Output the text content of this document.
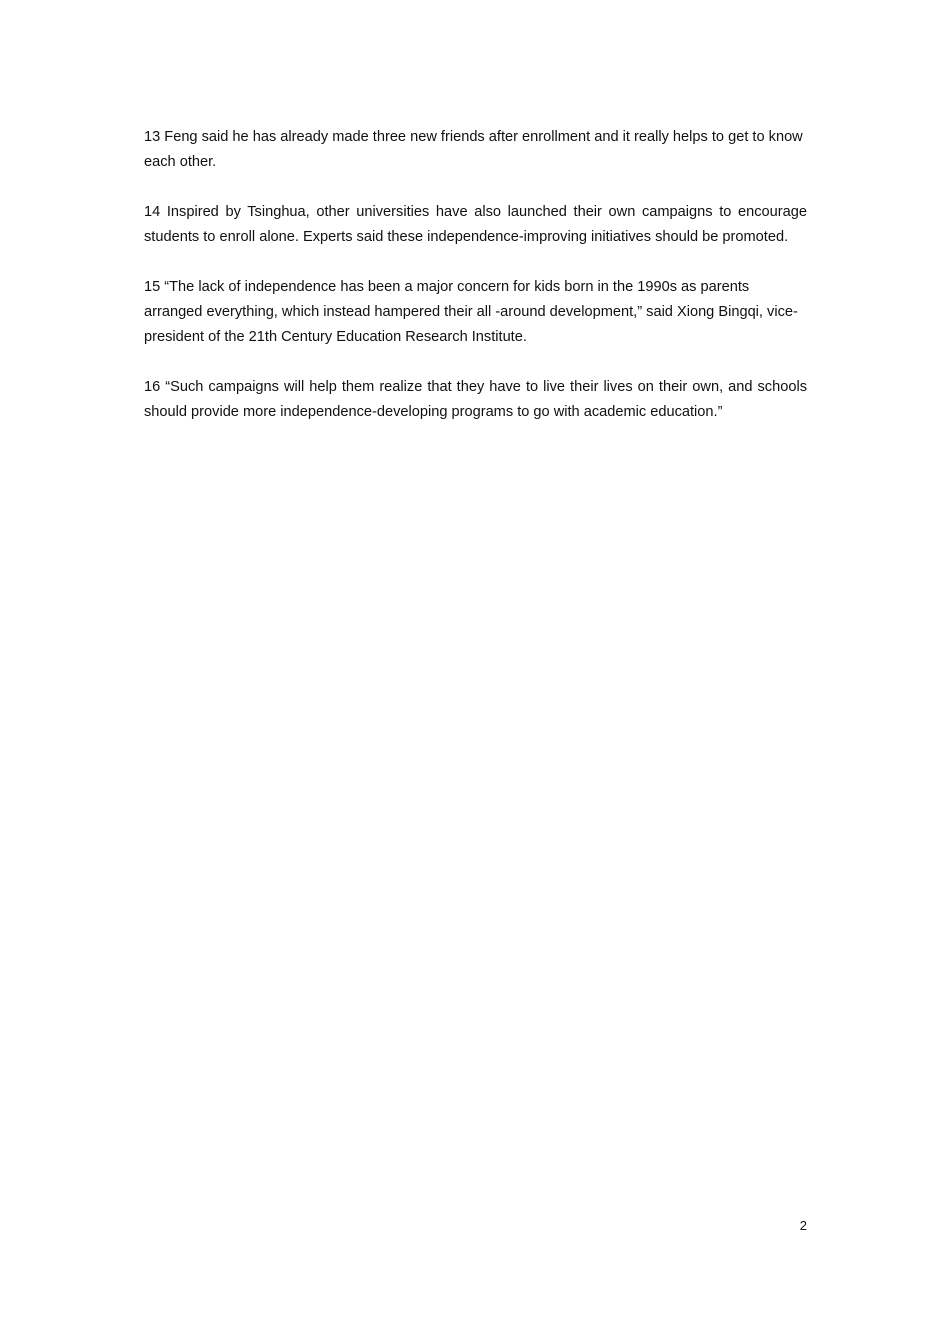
13 Feng said he has already made three new friends after enrollment and it really helps to get to know each other.

14 Inspired by Tsinghua, other universities have also launched their own campaigns to encourage students to enroll alone. Experts said these independence-improving initiatives should be promoted.

15 “The lack of independence has been a major concern for kids born in the 1990s as parents arranged everything, which instead hampered their all -around development,” said Xiong Bingqi, vice-president of the 21th Century Education Research Institute.

16 “Such campaigns will help them realize that they have to live their lives on their own, and schools should provide more independence-developing programs to go with academic education.”

2
